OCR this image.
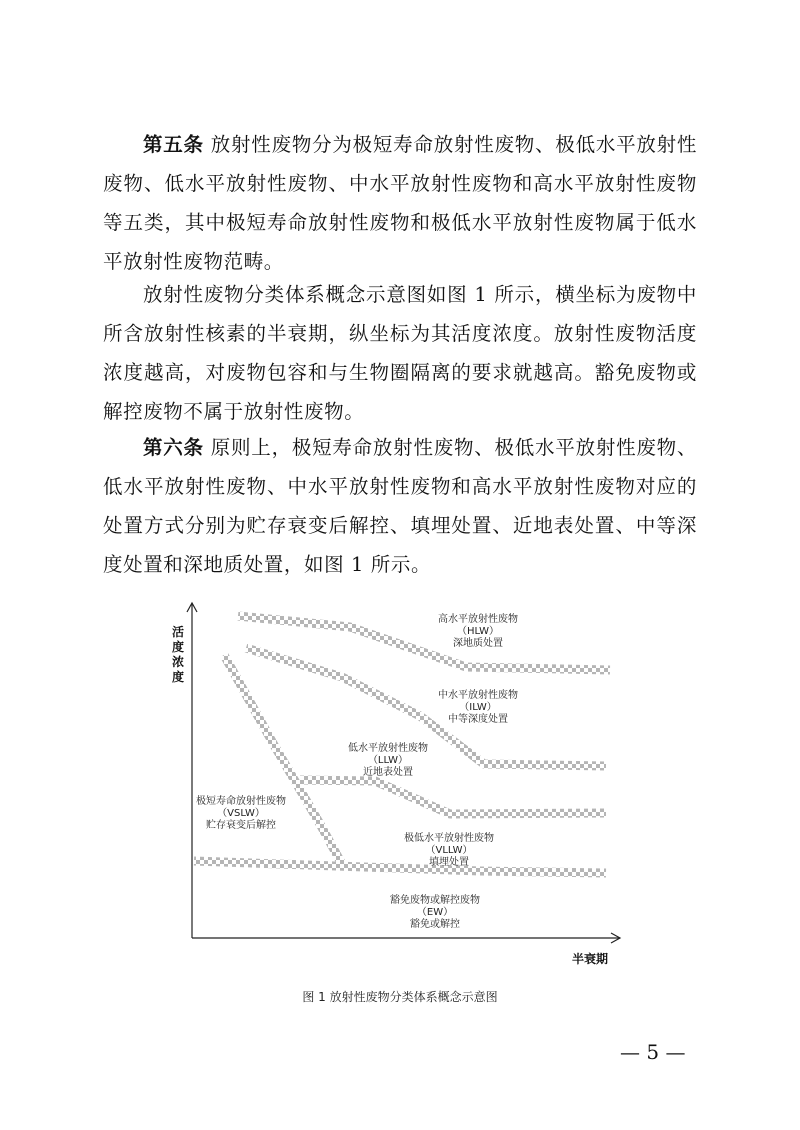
第五条 放射性废物分为极短寿命放射性废物、极低水平放射性废物、低水平放射性废物、中水平放射性废物和高水平放射性废物等五类，其中极短寿命放射性废物和极低水平放射性废物属于低水平放射性废物范畴。

放射性废物分类体系概念示意图如图 1 所示，横坐标为废物中所含放射性核素的半衰期，纵坐标为其活度浓度。放射性废物活度浓度越高，对废物包容和与生物圈隔离的要求就越高。豁免废物或解控废物不属于放射性废物。

第六条 原则上，极短寿命放射性废物、极低水平放射性废物、低水平放射性废物、中水平放射性废物和高水平放射性废物对应的处置方式分别为贮存衰变后解控、填埋处置、近地表处置、中等深度处置和深地质处置，如图 1 所示。

活
度
浓
度
半衰期
高水平放射性废物
（HLW）
深地质处置
中水平放射性废物
（ILW）
中等深度处置
低水平放射性废物
（LLW）
近地表处置
极短寿命放射性废物
（VSLW）
贮存衰变后解控
极低水平放射性废物
（VLLW）
填埋处置
豁免废物或解控废物
（EW）
豁免或解控
图 1 放射性废物分类体系概念示意图
— 5 —
